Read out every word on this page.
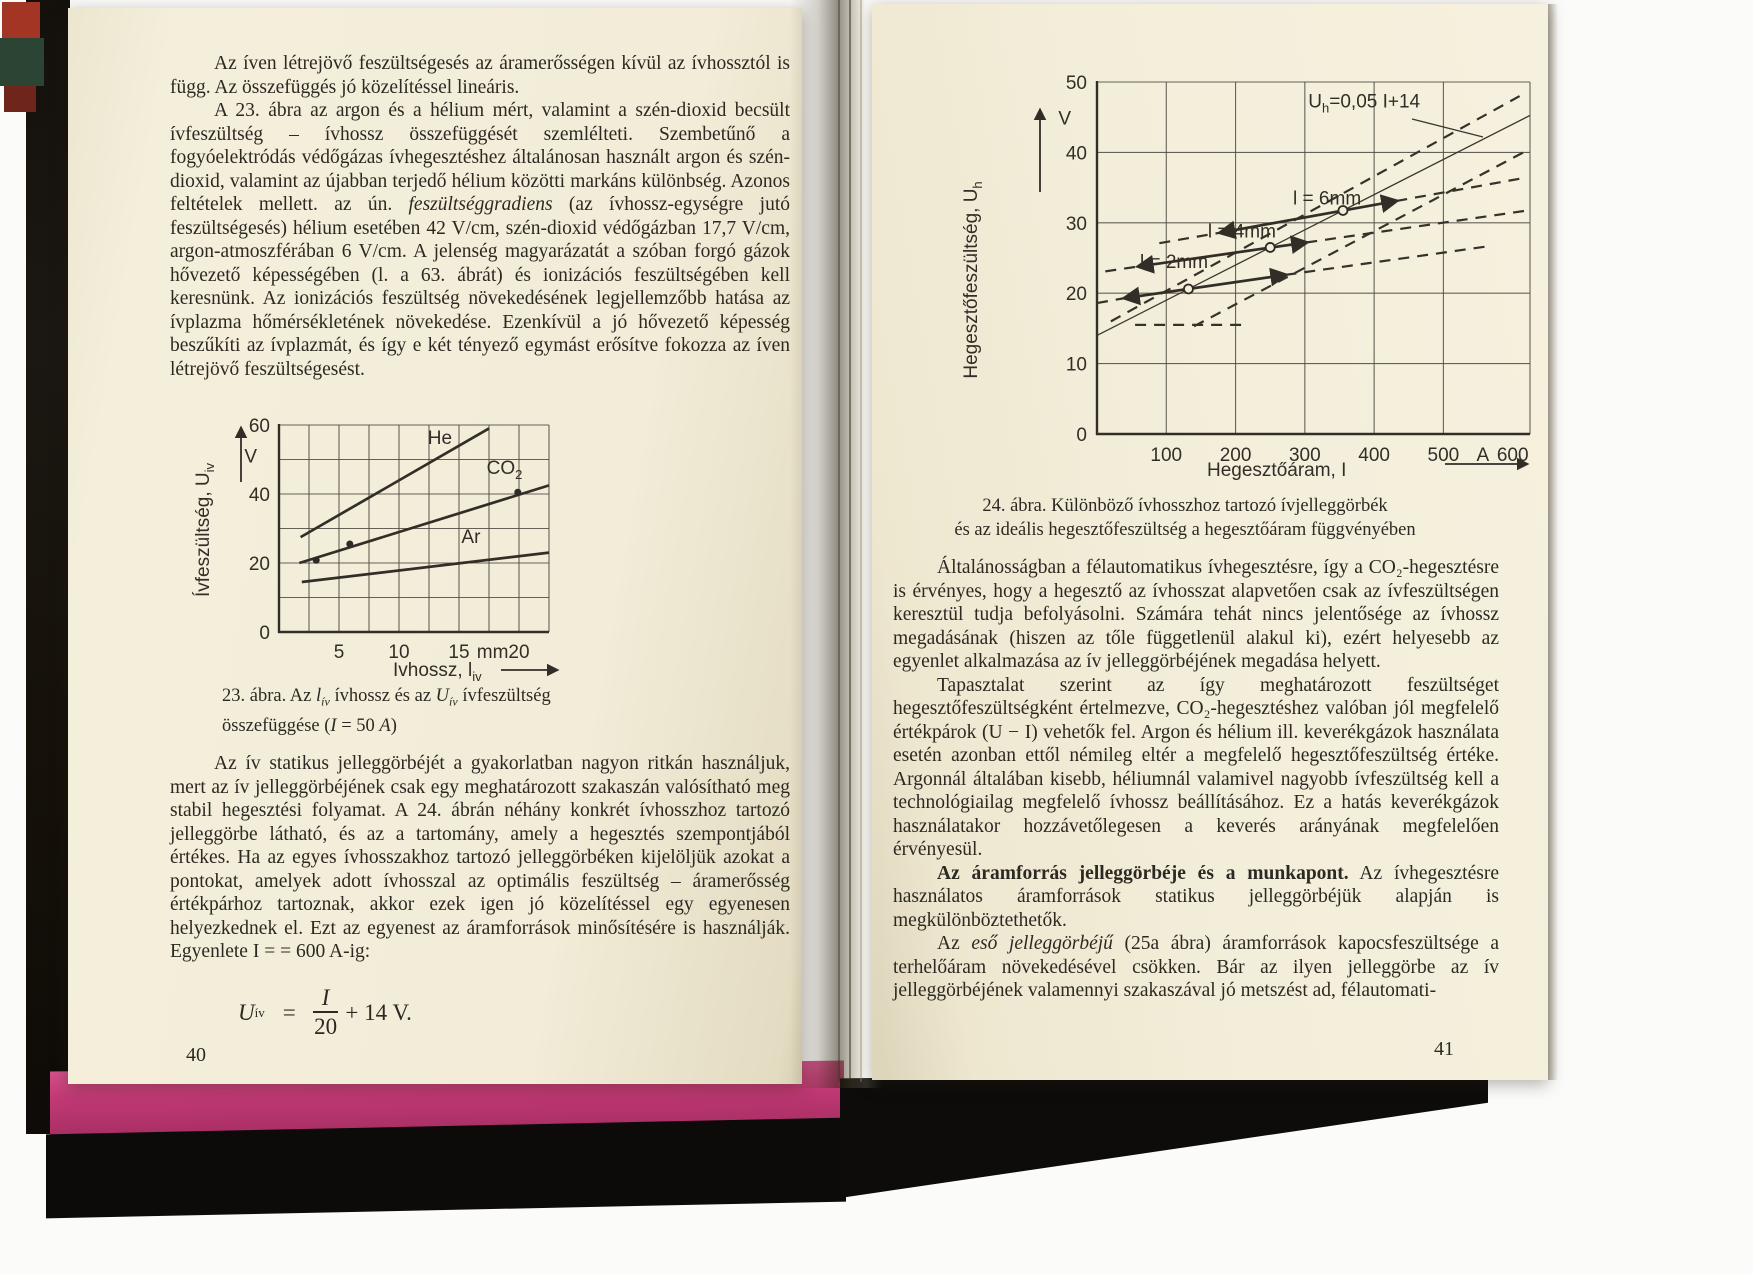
Az íven létrejövő feszültségesés az áramerősségen kívül az ívhossztól is függ. Az összefüggés jó közelítéssel lineáris.

A 23. ábra az argon és a hélium mért, valamint a szén-dioxid becsült ívfeszültség – ívhossz összefüggését szemlélteti. Szembetűnő a fogyóelektródás védőgázas ívhegesztéshez általánosan használt argon és szén-dioxid, valamint az újabban terjedő hélium közötti markáns különbség. Azonos feltételek mellett. az ún. feszültséggradiens (az ívhossz-egységre jutó feszültségesés) hélium esetében 42 V/cm, szén-dioxid védőgázban 17,7 V/cm, argon-atmoszférában 6 V/cm. A jelenség magyarázatát a szóban forgó gázok hővezető képességében (l. a 63. ábrát) és ionizációs feszültségében kell keresnünk. Az ionizációs feszültség növekedésének legjellemzőbb hatása az ívplazma hőmérsékletének növekedése. Ezenkívül a jó hővezető képesség beszűkíti az ívplazmát, és így e két tényező egymást erősítve fokozza az íven létrejövő feszültségesést.

He
$CO_2$
Ar
60
V
40
20
0
5 10 15 mm 20
Ivhossz, $l_{iv}$
Ívfeszültség, $U_{iv}$
23. ábra. Az $l_{ív}$ ívhossz és az $U_{ív}$ ívfeszültség
összefüggése (I = 50 A)

Az ív statikus jelleggörbéjét a gyakorlatban nagyon ritkán használjuk, mert az ív jelleggörbéjének csak egy meghatározott szakaszán valósítható meg stabil hegesztési folyamat. A 24. ábrán néhány konkrét ívhosszhoz tartozó jelleggörbe látható, és az a tartomány, amely a hegesztés szempontjából értékes. Ha az egyes ívhosszakhoz tartozó jelleggörbéken kijelöljük azokat a pontokat, amelyek adott ívhosszal az optimális feszültség – áramerősség értékpárhoz tartoznak, akkor ezek igen jó közelítéssel egy egyenesen helyezkednek el. Ezt az egyenest az áramforrások minősítésére is használják. Egyenlete I = = 600 A-ig:

U ív = $\frac{I}{20} + 14$ V.
40
l = 2mm
l = 4mm
l = 6mm
50
V
40
30
20
10
0
100 200 300 400 500 A 600
Hegesztőáram, I
Hegesztőfeszültség, $U_h$
$U_h=0,05$ I+14
24. ábra. Különböző ívhosszhoz tartozó ívjelleggörbék
és az ideális hegesztőfeszültség a hegesztőáram függvényében

Általánosságban a félautomatikus ívhegesztésre, így a CO₂-hegesztésre is érvényes, hogy a hegesztő az ívhosszat alapvetően csak az ívfeszültségen keresztül tudja befolyásolni. Számára tehát nincs jelentősége az ívhossz megadásának (hiszen az tőle függetlenül alakul ki), ezért helyesebb az egyenlet alkalmazása az ív jelleggörbéjének megadása helyett.

Tapasztalat szerint az így meghatározott feszültséget hegesztőfeszültségként értelmezve, CO₂-hegesztéshez valóban jól megfelelő értékpárok (U − I) vehetők fel. Argon és hélium ill. keverékgázok használata esetén azonban ettől némileg eltér a megfelelő hegesztőfeszültség értéke. Argonnál általában kisebb, héliumnál valamivel nagyobb ívfeszültség kell a technológiailag megfelelő ívhossz beállításához. Ez a hatás keverékgázok használatakor hozzávetőlegesen a keverés arányának megfelelően érvényesül.

Az áramforrás jelleggörbéje és a munkapont. Az ívhegesztésre használatos áramforrások statikus jelleggörbéjük alapján is megkülönböztethetők.

Az eső jelleggörbéjű (25a ábra) áramforrások kapocsfeszültsége a terhelőáram növekedésével csökken. Bár az ilyen jelleggörbe az ív jelleggörbéjének valamennyi szakaszával jó metszést ad, félautomati-

41
